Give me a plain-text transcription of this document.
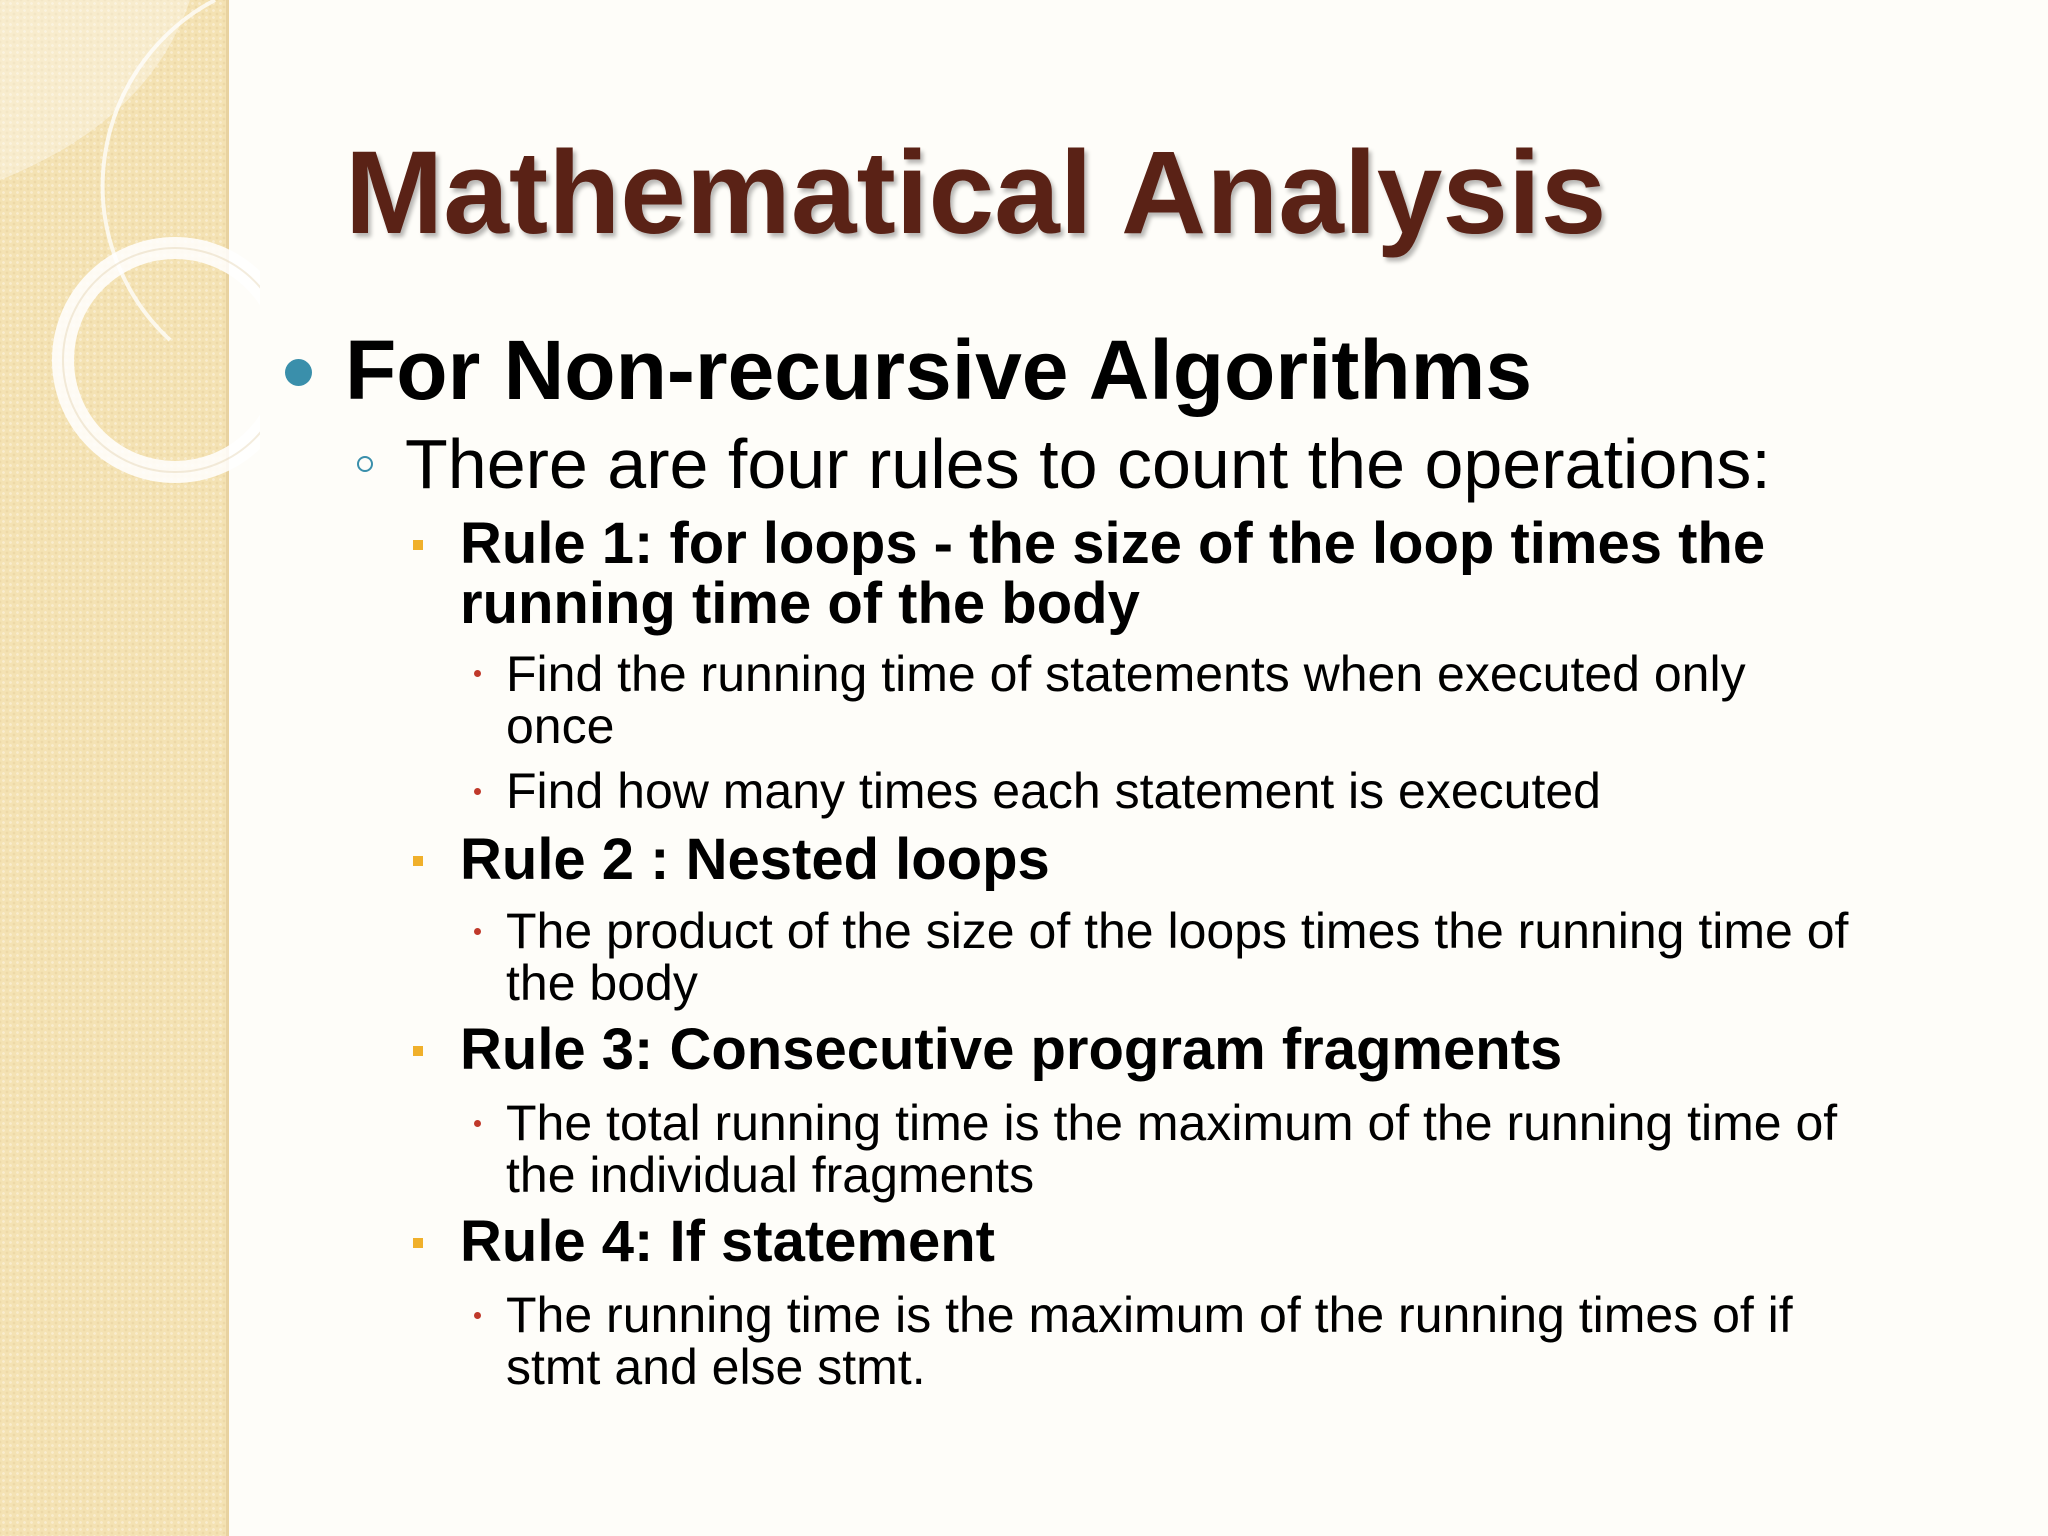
Mathematical Analysis
For Non-recursive Algorithms
There are four rules to count the operations:
Rule 1: for loops - the size of the loop times the
running time of the body
Find the running time of statements when executed only
once
Find how many times each statement is executed
Rule 2 : Nested loops
The product of the size of the loops times the running time of
the body
Rule 3: Consecutive program fragments
The total running time is the maximum of the running time of
the individual fragments
Rule 4: If statement
The running time is the maximum of the running times of if
stmt and else stmt.
